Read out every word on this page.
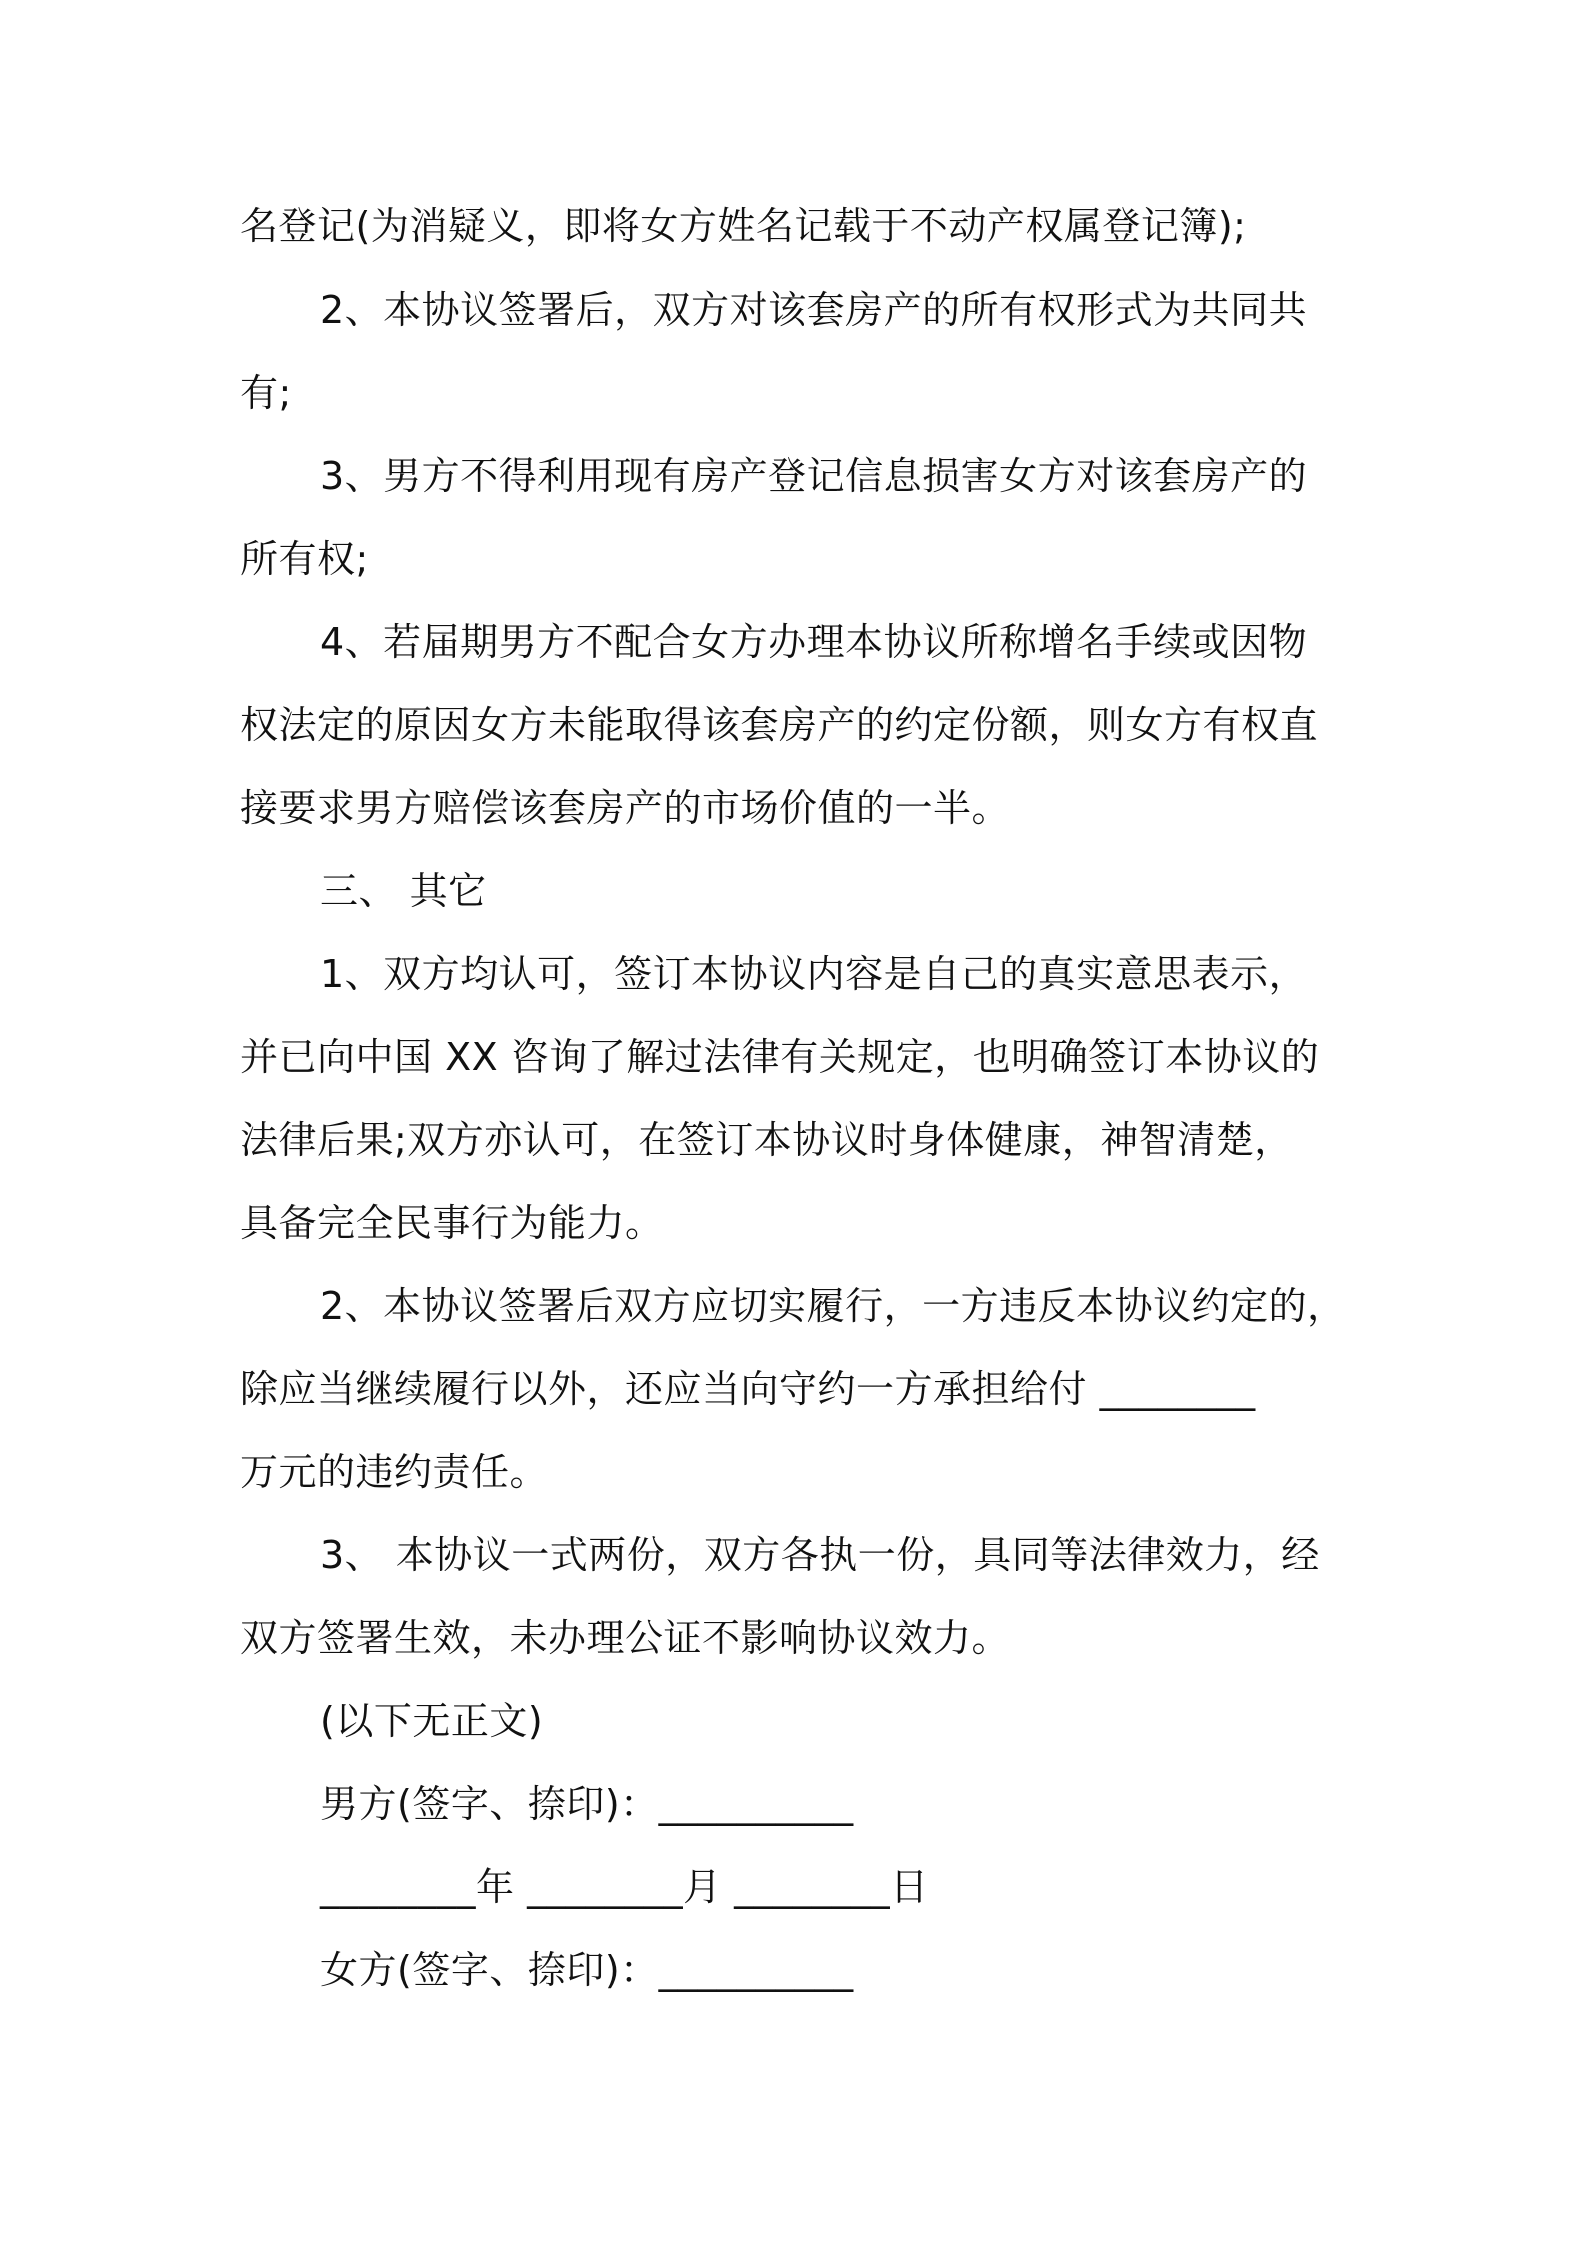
名登记(为消疑义，即将女方姓名记载于不动产权属登记簿);
2、本协议签署后，双方对该套房产的所有权形式为共同共
有;
3、男方不得利用现有房产登记信息损害女方对该套房产的
所有权;
4、若届期男方不配合女方办理本协议所称增名手续或因物
权法定的原因女方未能取得该套房产的约定份额，则女方有权直
接要求男方赔偿该套房产的市场价值的一半。
三、 其它
1、双方均认可，签订本协议内容是自己的真实意思表示，
并已向中国 XX 咨询了解过法律有关规定，也明确签订本协议的
法律后果;双方亦认可，在签订本协议时身体健康，神智清楚，
具备完全民事行为能力。
2、本协议签署后双方应切实履行，一方违反本协议约定的，
除应当继续履行以外，还应当向守约一方承担给付 ________
万元的违约责任。
3、 本协议一式两份，双方各执一份，具同等法律效力，经
双方签署生效，未办理公证不影响协议效力。
(以下无正文)
男方(签字、捺印)：__________
________年 ________月 ________日
女方(签字、捺印)：__________
